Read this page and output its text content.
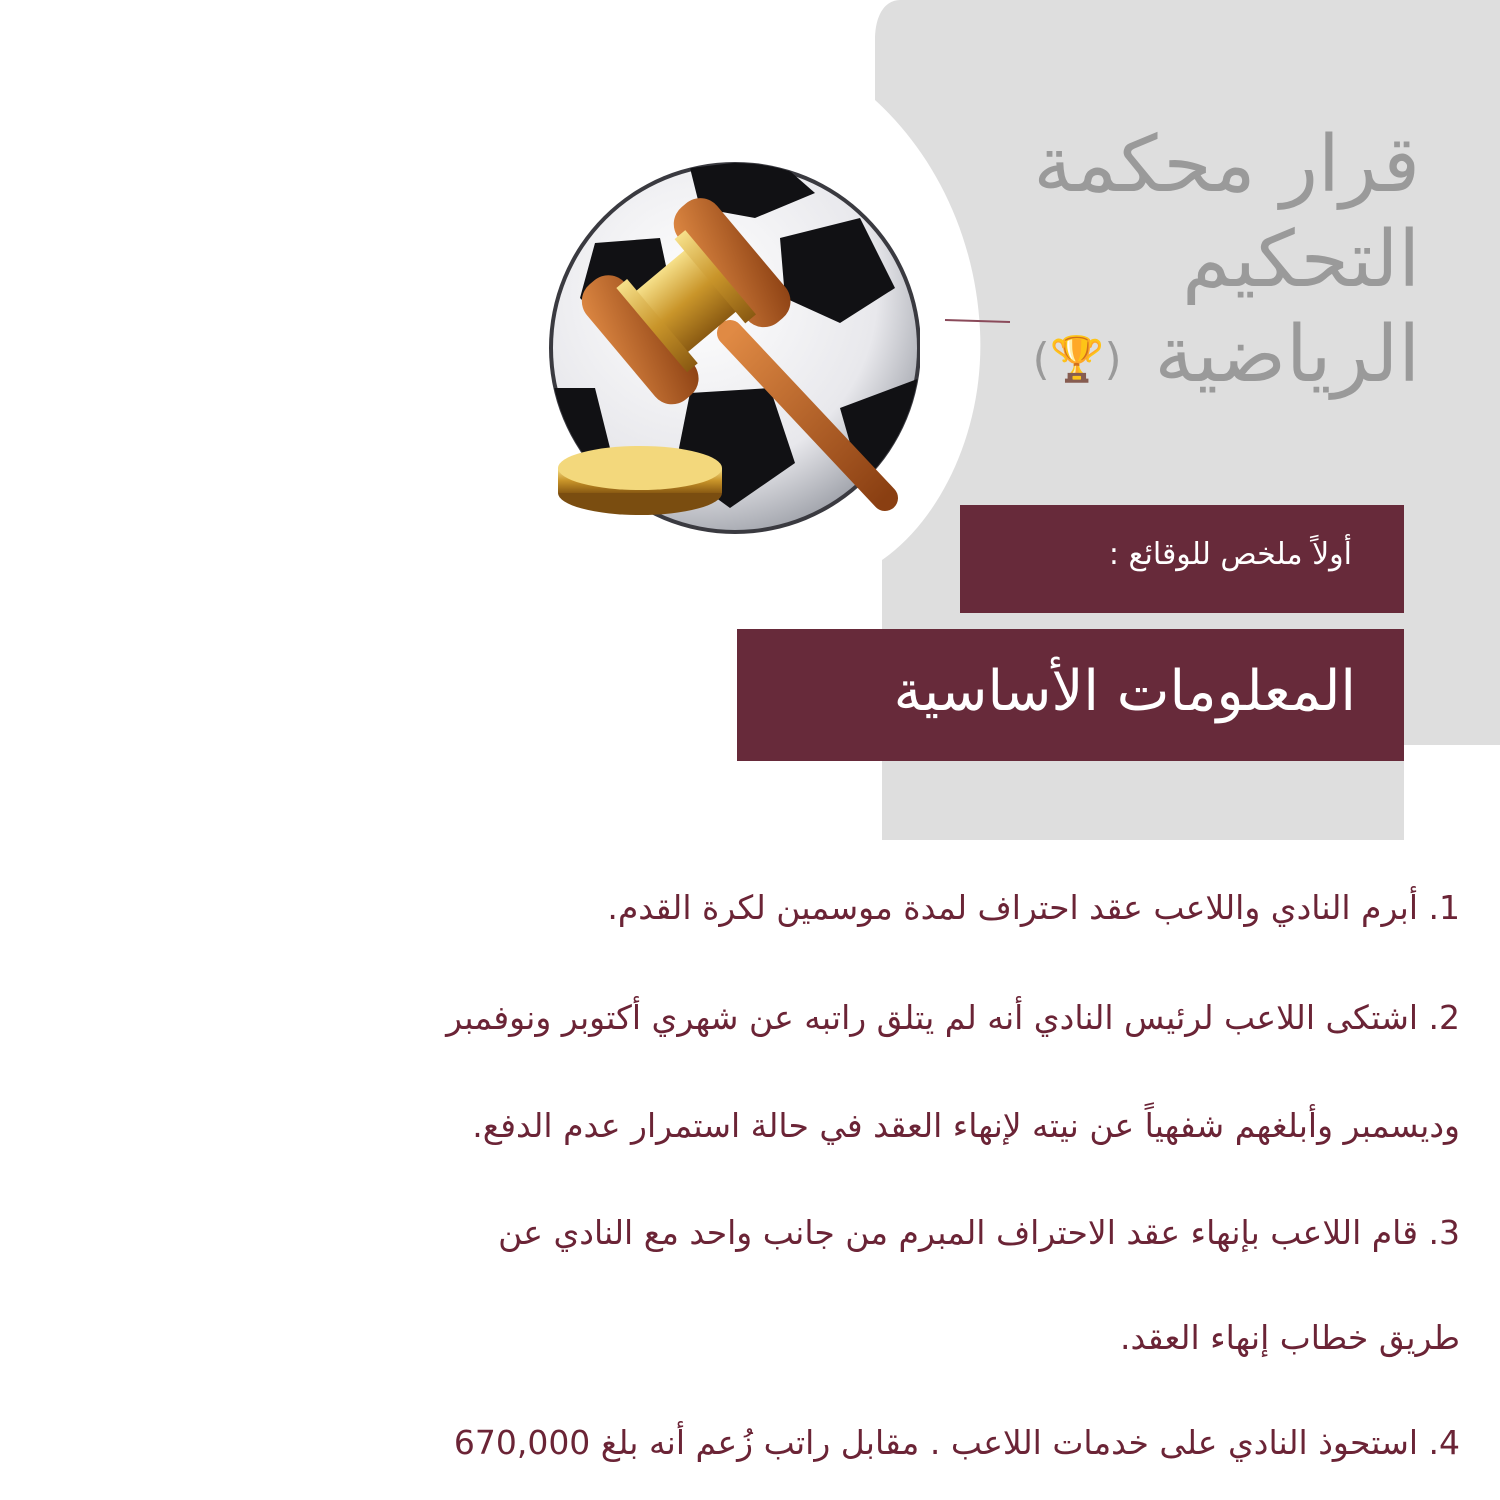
قرار محكمة
التحكيم
الرياضية (🏆)
أولاً ملخص للوقائع :
المعلومات الأساسية
1. أبرم النادي واللاعب عقد احتراف لمدة موسمين لكرة القدم.
2. اشتكى اللاعب لرئيس النادي أنه لم يتلق راتبه عن شهري أكتوبر ونوفمبر
وديسمبر وأبلغهم شفهياً عن نيته لإنهاء العقد في حالة استمرار عدم الدفع.
3. قام اللاعب بإنهاء عقد الاحتراف المبرم من جانب واحد مع النادي عن
طريق خطاب إنهاء العقد.
4. استحوذ النادي على خدمات اللاعب . مقابل راتب زُعم أنه بلغ 670,000
